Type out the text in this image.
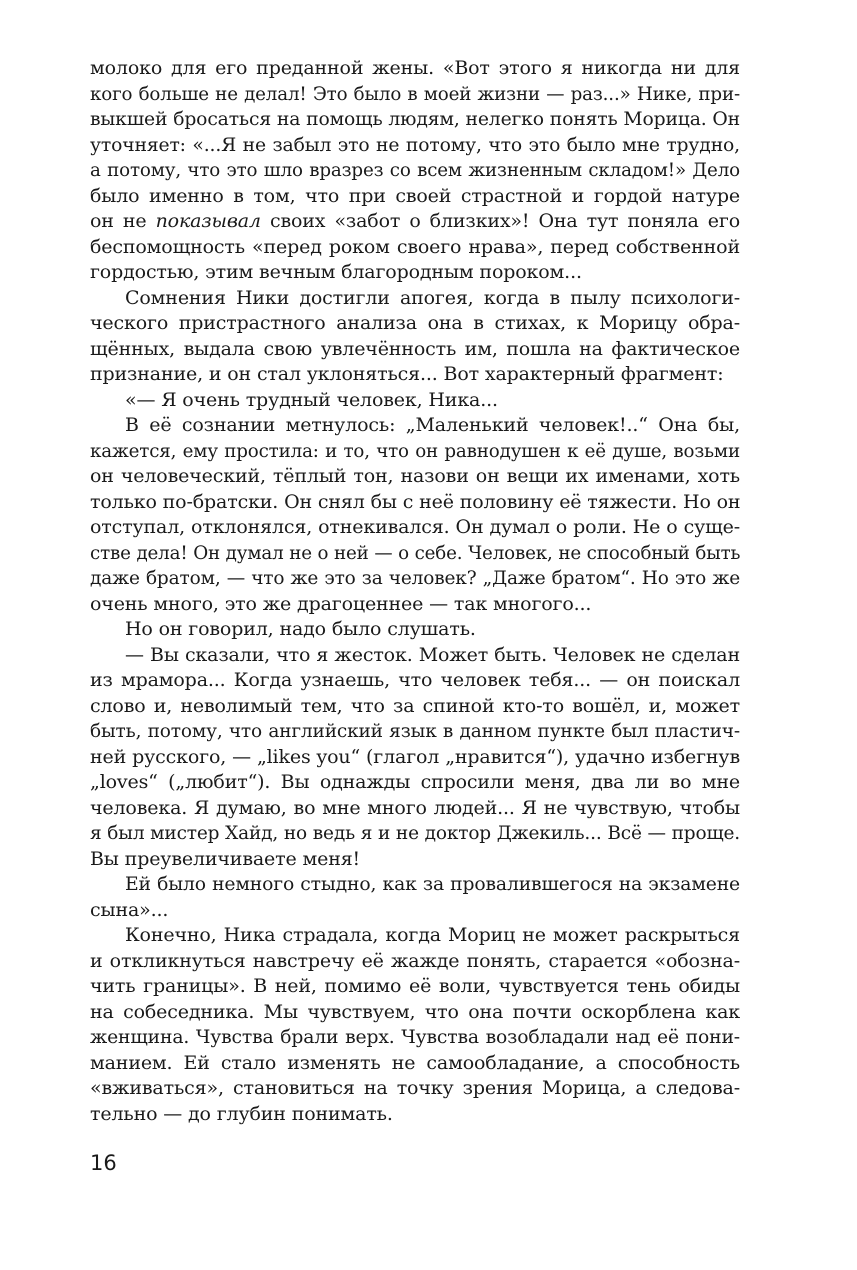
молоко для его преданной жены. «Вот этого я никогда ни для
кого больше не делал! Это было в моей жизни — раз...» Нике, при-
выкшей бросаться на помощь людям, нелегко понять Морица. Он
уточняет: «...Я не забыл это не потому, что это было мне трудно,
а потому, что это шло вразрез со всем жизненным складом!» Дело
было именно в том, что при своей страстной и гордой натуре
он не показывал своих «забот о близких»! Она тут поняла его
беспомощность «перед роком своего нрава», перед собственной
гордостью, этим вечным благородным пороком...
Сомнения Ники достигли апогея, когда в пылу психологи-
ческого пристрастного анализа она в стихах, к Морицу обра-
щённых, выдала свою увлечённость им, пошла на фактическое
признание, и он стал уклоняться... Вот характерный фрагмент:
«— Я очень трудный человек, Ника...
В её сознании метнулось: „Маленький человек!..“ Она бы,
кажется, ему простила: и то, что он равнодушен к её душе, возьми
он человеческий, тёплый тон, назови он вещи их именами, хоть
только по-братски. Он снял бы с неё половину её тяжести. Но он
отступал, отклонялся, отнекивался. Он думал о роли. Не о суще-
стве дела! Он думал не о ней — о себе. Человек, не способный быть
даже братом, — что же это за человек? „Даже братом“. Но это же
очень много, это же драгоценнее — так многого...
Но он говорил, надо было слушать.
— Вы сказали, что я жесток. Может быть. Человек не сделан
из мрамора... Когда узнаешь, что человек тебя... — он поискал
слово и, неволимый тем, что за спиной кто-то вошёл, и, может
быть, потому, что английский язык в данном пункте был пластич-
ней русского, — „likes you“ (глагол „нравится“), удачно избегнув
„loves“ („любит“). Вы однажды спросили меня, два ли во мне
человека. Я думаю, во мне много людей... Я не чувствую, чтобы
я был мистер Хайд, но ведь я и не доктор Джекиль... Всё — проще.
Вы преувеличиваете меня!
Ей было немного стыдно, как за провалившегося на экзамене
сына»...
Конечно, Ника страдала, когда Мориц не может раскрыться
и откликнуться навстречу её жажде понять, старается «обозна-
чить границы». В ней, помимо её воли, чувствуется тень обиды
на собеседника. Мы чувствуем, что она почти оскорблена как
женщина. Чувства брали верх. Чувства возобладали над её пони-
манием. Ей стало изменять не самообладание, а способность
«вживаться», становиться на точку зрения Морица, а следова-
тельно — до глубин понимать.
16
